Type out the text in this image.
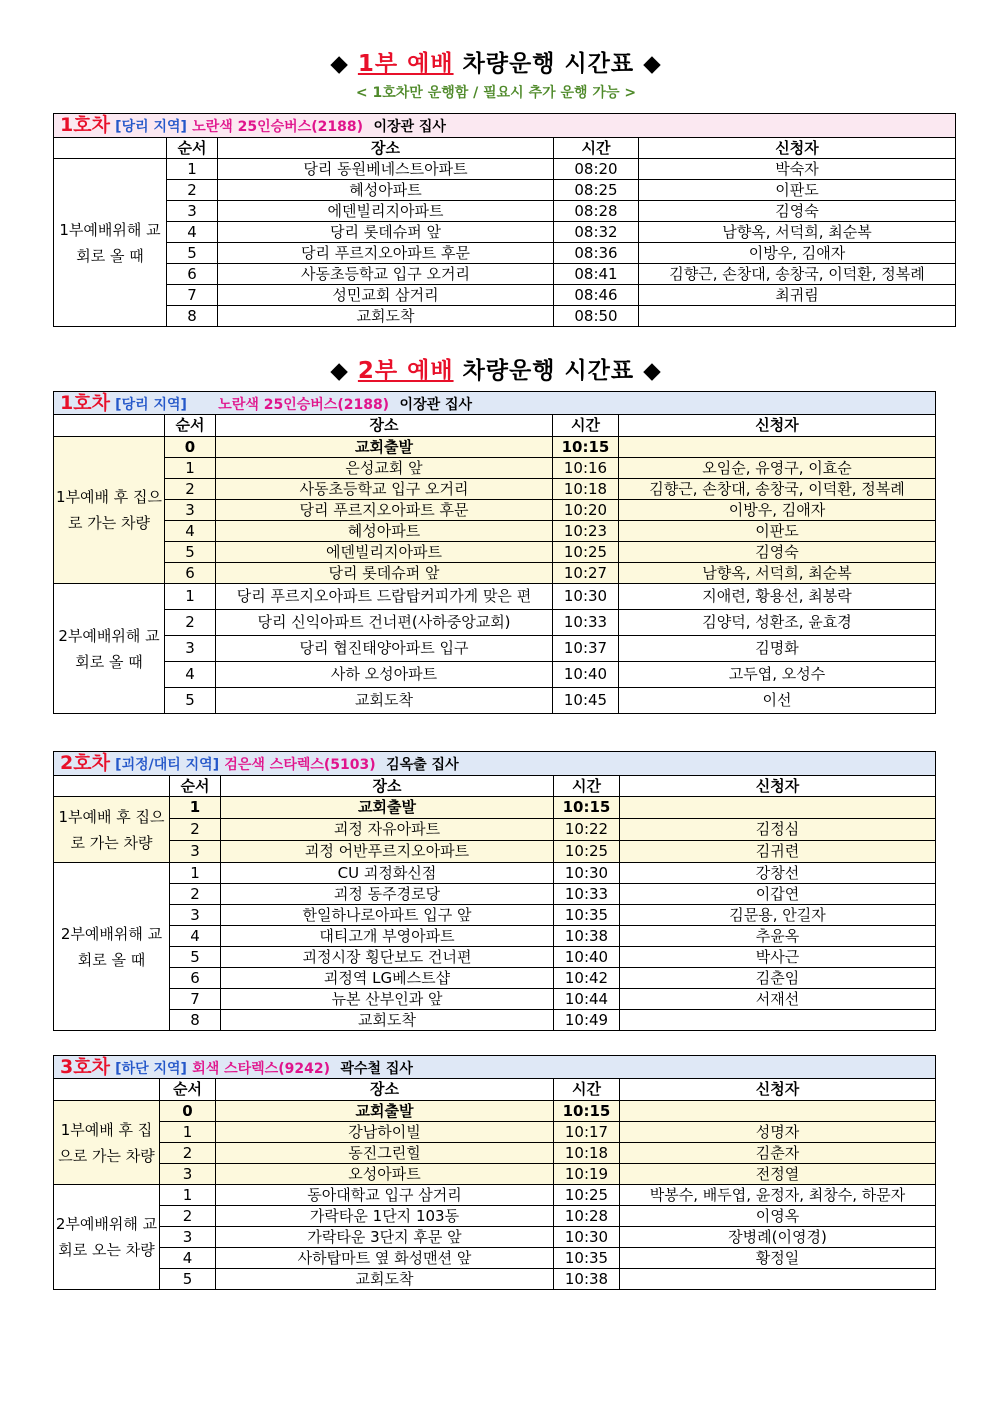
◆ 1부 예배 차량운행 시간표 ◆
< 1호차만 운행함 / 필요시 추가 운행 가능 >
1호차 [당리 지역] 노란색 25인승버스(2188) 이장관 집사				
	순서	장소	시간	신청자
1부예배위해 교회로 올 때	1	당리 동원베네스트아파트	08:20	박숙자
	2	혜성아파트	08:25	이판도
	3	에덴빌리지아파트	08:28	김영숙
	4	당리 롯데슈퍼 앞	08:32	남향옥, 서덕희, 최순복
	5	당리 푸르지오아파트 후문	08:36	이방우, 김애자
	6	사동초등학교 입구 오거리	08:41	김향근, 손창대, 송창국, 이덕환, 정복례
	7	성민교회 삼거리	08:46	최귀림
	8	교회도착	08:50	
◆ 2부 예배 차량운행 시간표 ◆
1호차 [당리 지역] 노란색 25인승버스(2188) 이장관 집사				
	순서	장소	시간	신청자
1부예배 후 집으로 가는 차량	0	교회출발	10:15	
	1	은성교회 앞	10:16	오임순, 유영구, 이효순
	2	사동초등학교 입구 오거리	10:18	김향근, 손창대, 송창국, 이덕환, 정복례
	3	당리 푸르지오아파트 후문	10:20	이방우, 김애자
	4	혜성아파트	10:23	이판도
	5	에덴빌리지아파트	10:25	김영숙
	6	당리 롯데슈퍼 앞	10:27	남향옥, 서덕희, 최순복
2부예배위해 교회로 올 때	1	당리 푸르지오아파트 드랍탑커피가게 맞은 편	10:30	지애련, 황용선, 최봉락
	2	당리 신익아파트 건너편(사하중앙교회)	10:33	김양덕, 성환조, 윤효경
	3	당리 협진태양아파트 입구	10:37	김명화
	4	사하 오성아파트	10:40	고두엽, 오성수
	5	교회도착	10:45	이선
2호차 [괴정/대티 지역] 검은색 스타렉스(5103) 김옥출 집사				
	순서	장소	시간	신청자
1부예배 후 집으로 가는 차량	1	교회출발	10:15	
	2	괴정 자유아파트	10:22	김정심
	3	괴정 어반푸르지오아파트	10:25	김귀련
2부예배위해 교회로 올 때	1	CU 괴정화신점	10:30	강창선
	2	괴정 동주경로당	10:33	이갑연
	3	한일하나로아파트 입구 앞	10:35	김문용, 안길자
	4	대티고개 부영아파트	10:38	추윤옥
	5	괴정시장 횡단보도 건너편	10:40	박사근
	6	괴정역 LG베스트샵	10:42	김춘임
	7	뉴본 산부인과 앞	10:44	서재선
	8	교회도착	10:49	
3호차 [하단 지역] 회색 스타렉스(9242) 곽수철 집사				
	순서	장소	시간	신청자
1부예배 후 집으로 가는 차량	0	교회출발	10:15	
	1	강남하이빌	10:17	성명자
	2	동진그린힐	10:18	김춘자
	3	오성아파트	10:19	전정열
2부예배위해 교회로 오는 차량	1	동아대학교 입구 삼거리	10:25	박봉수, 배두엽, 윤정자, 최창수, 하문자
	2	가락타운 1단지 103동	10:28	이영옥
	3	가락타운 3단지 후문 앞	10:30	장병례(이영경)
	4	사하탑마트 옆 화성맨션 앞	10:35	황정일
	5	교회도착	10:38	
